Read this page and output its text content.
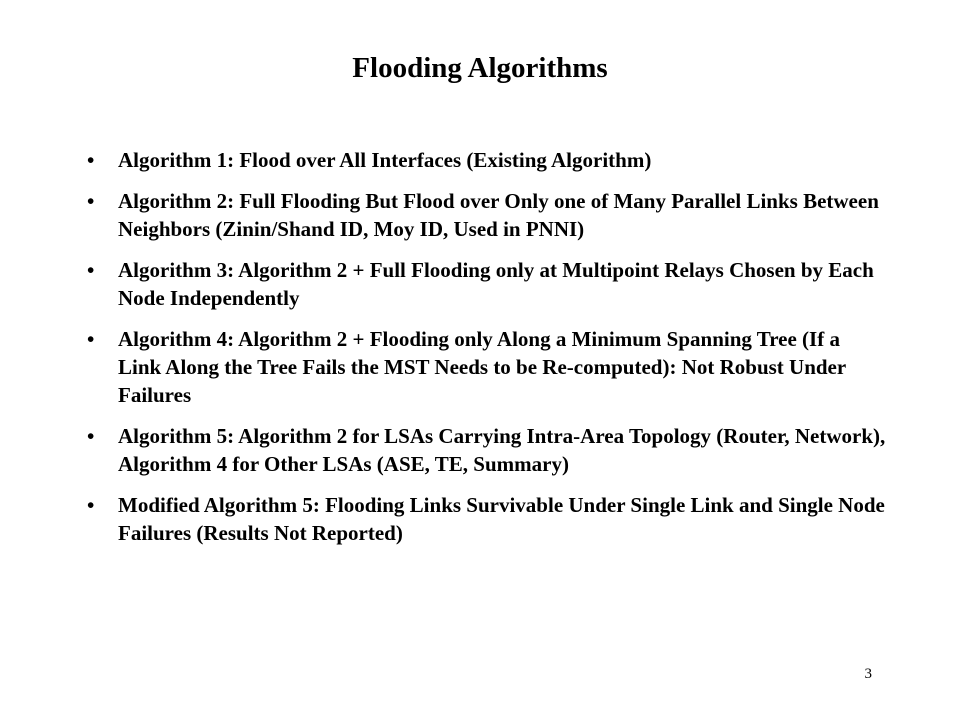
Flooding Algorithms
•	Algorithm 1: Flood over All Interfaces (Existing Algorithm)
•	Algorithm 2: Full Flooding But Flood over Only one of Many Parallel Links Between Neighbors (Zinin/Shand ID, Moy ID, Used in PNNI)
•	Algorithm 3: Algorithm 2 + Full Flooding only at Multipoint Relays Chosen by Each Node Independently
•	Algorithm 4: Algorithm 2 + Flooding only Along a Minimum Spanning Tree (If a Link Along the Tree Fails the MST Needs to be Re-computed): Not Robust Under Failures
•	Algorithm 5: Algorithm 2 for LSAs Carrying Intra-Area Topology (Router, Network), Algorithm 4 for Other LSAs (ASE, TE, Summary)
•	Modified Algorithm 5: Flooding Links Survivable Under Single Link and Single Node Failures (Results Not Reported)
3
